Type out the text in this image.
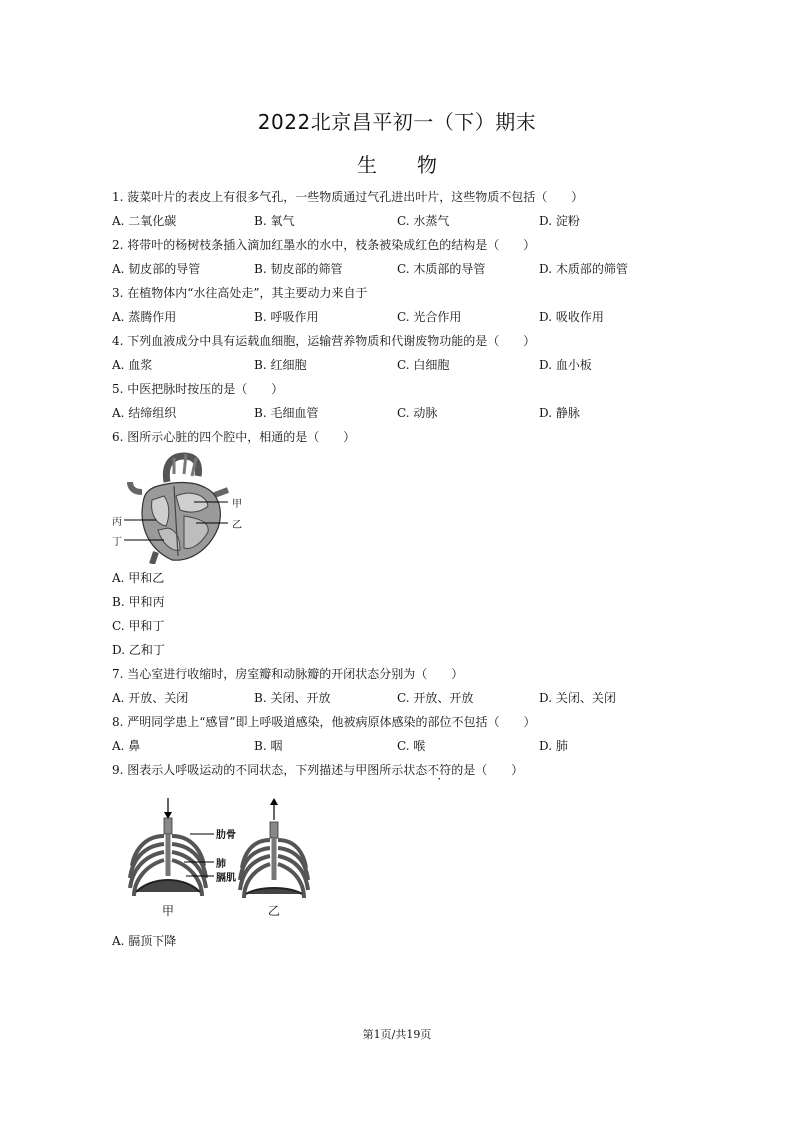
2022北京昌平初一（下）期末
生物
1. 菠菜叶片的表皮上有很多气孔，一些物质通过气孔进出叶片，这些物质不包括（　　）
A. 二氧化碳	B. 氧气	C. 水蒸气	D. 淀粉
2. 将带叶的杨树枝条插入滴加红墨水的水中，枝条被染成红色的结构是（　　）
A. 韧皮部的导管	B. 韧皮部的筛管	C. 木质部的导管	D. 木质部的筛管
3. 在植物体内“水往高处走”，其主要动力来自于
A. 蒸腾作用	B. 呼吸作用	C. 光合作用	D. 吸收作用
4. 下列血液成分中具有运载血细胞，运输营养物质和代谢废物功能的是（　　）
A. 血浆	B. 红细胞	C. 白细胞	D. 血小板
5. 中医把脉时按压的是（　　）
A. 结缔组织	B. 毛细血管	C. 动脉	D. 静脉
6. 图所示心脏的四个腔中，相通的是（　　）
甲
乙
丙
丁
A. 甲和乙
B. 甲和丙
C. 甲和丁
D. 乙和丁
7. 当心室进行收缩时，房室瓣和动脉瓣的开闭状态分别为（　　）
A. 开放、关闭	B. 关闭、开放	C. 开放、开放	D. 关闭、关闭
8. 严明同学患上“感冒”即上呼吸道感染，他被病原体感染的部位不包括（　　）
A. 鼻	B. 咽	C. 喉	D. 肺
9. 图表示人呼吸运动的不同状态，下列描述与甲图所示状态不符的是（　　）
肋骨
肺
膈肌
甲	乙
A. 膈顶下降
第1页/共19页
